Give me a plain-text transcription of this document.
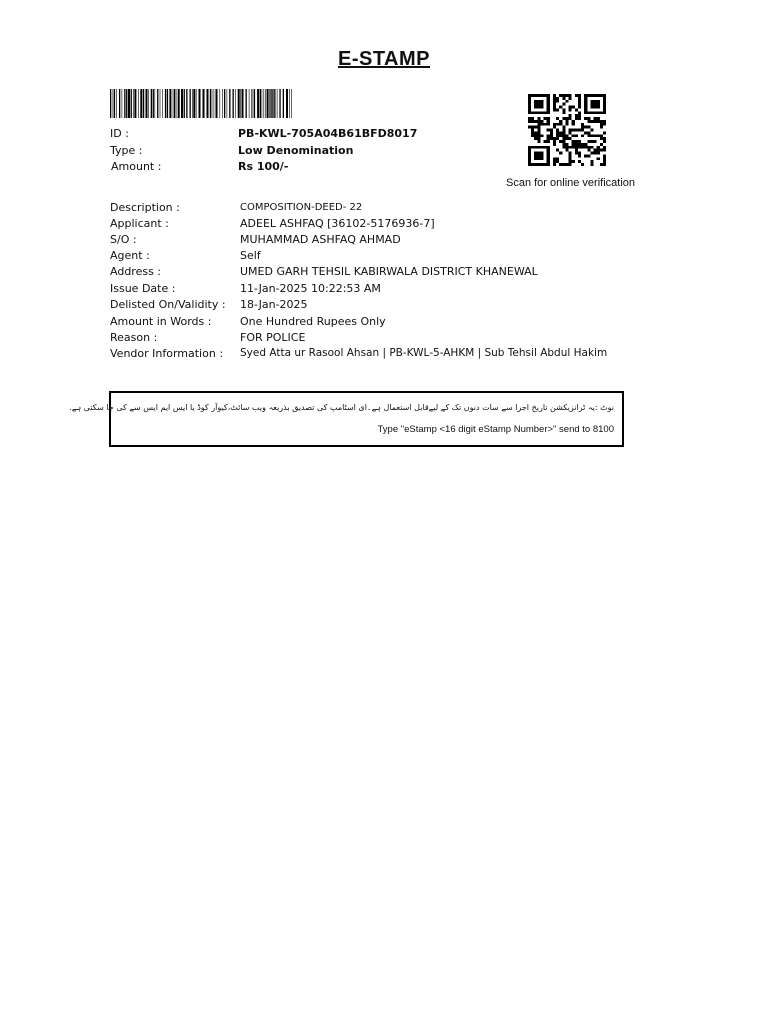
E-STAMP
ID :	PB-KWL-705A04B61BFD8017
Type :	Low Denomination
Amount :	Rs 100/-
Scan for online verification
Description :	COMPOSITION-DEED- 22
Applicant :	ADEEL ASHFAQ [36102-5176936-7]
S/O :	MUHAMMAD ASHFAQ AHMAD
Agent :	Self
Address :	UMED GARH TEHSIL KABIRWALA DISTRICT KHANEWAL
Issue Date :	11-Jan-2025 10:22:53 AM
Delisted On/Validity : 18-Jan-2025
Amount in Words :	One Hundred Rupees Only
Reason :	FOR POLICE
Vendor Information : Syed Atta ur Rasool Ahsan | PB-KWL-5-AHKM | Sub Tehsil Abdul Hakim
نوٹ :یہ ٹرانزیکشن تاریخ اجرا سے سات دنوں تک کے لیےقابل استعمال ہے۔ای اسٹامپ کی تصدیق بذریعہ ویب سائٹ،کیوآر کوڈ یا ایس ایم ایس سے کی جا سکتی ہے.
Type "eStamp <16 digit eStamp Number>" send to 8100
